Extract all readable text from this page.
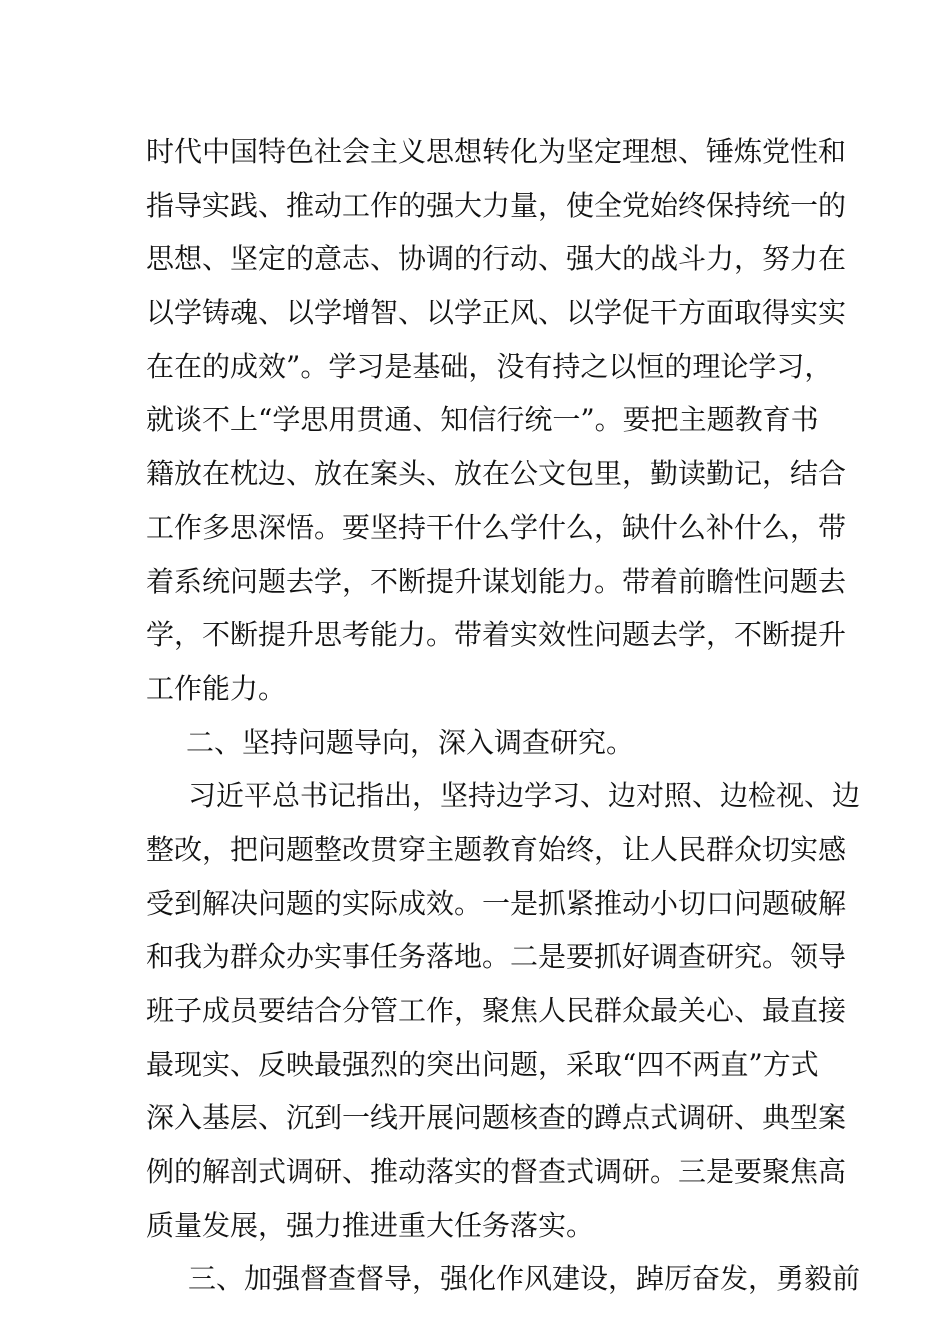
时代中国特色社会主义思想转化为坚定理想、锤炼党性和
指导实践、推动工作的强大力量，使全党始终保持统一的
思想、坚定的意志、协调的行动、强大的战斗力，努力在
以学铸魂、以学增智、以学正风、以学促干方面取得实实
在在的成效”。学习是基础，没有持之以恒的理论学习，
就谈不上“学思用贯通、知信行统一”。要把主题教育书
籍放在枕边、放在案头、放在公文包里，勤读勤记，结合
工作多思深悟。要坚持干什么学什么，缺什么补什么，带
着系统问题去学，不断提升谋划能力。带着前瞻性问题去
学，不断提升思考能力。带着实效性问题去学，不断提升
工作能力。
二、坚持问题导向，深入调查研究。
习近平总书记指出，坚持边学习、边对照、边检视、边
整改，把问题整改贯穿主题教育始终，让人民群众切实感
受到解决问题的实际成效。一是抓紧推动小切口问题破解
和我为群众办实事任务落地。二是要抓好调查研究。领导
班子成员要结合分管工作，聚焦人民群众最关心、最直接
最现实、反映最强烈的突出问题，采取“四不两直”方式
深入基层、沉到一线开展问题核查的蹲点式调研、典型案
例的解剖式调研、推动落实的督查式调研。三是要聚焦高
质量发展，强力推进重大任务落实。
三、加强督查督导，强化作风建设，踔厉奋发，勇毅前
